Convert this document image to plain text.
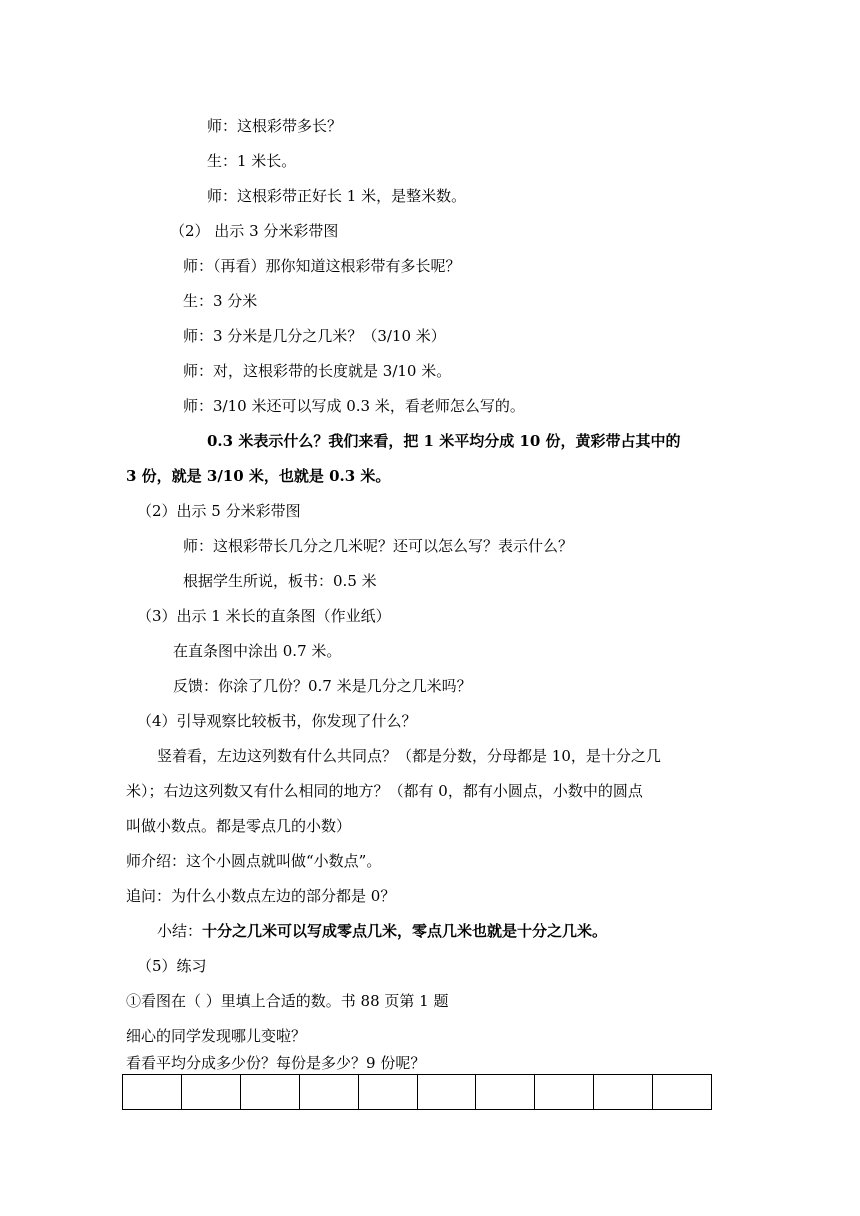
师：这根彩带多长？
生：1 米长。
师：这根彩带正好长 1 米，是整米数。
（2） 出示 3 分米彩带图
师：（再看）那你知道这根彩带有多长呢？
生：3 分米
师：3 分米是几分之几米？（3/10 米）
师：对，这根彩带的长度就是 3/10 米。
师：3/10 米还可以写成 0.3 米，看老师怎么写的。
0.3 米表示什么？我们来看，把 1 米平均分成 10 份，黄彩带占其中的
3 份，就是 3/10 米，也就是 0.3 米。
（2）出示 5 分米彩带图
师：这根彩带长几分之几米呢？还可以怎么写？表示什么？
根据学生所说，板书：0.5 米
（3）出示 1 米长的直条图（作业纸）
在直条图中涂出 0.7 米。
反馈：你涂了几份？0.7 米是几分之几米吗？
（4）引导观察比较板书，你发现了什么？
竖着看，左边这列数有什么共同点？（都是分数，分母都是 10，是十分之几
米）；右边这列数又有什么相同的地方？（都有 0，都有小圆点，小数中的圆点
叫做小数点。都是零点几的小数）
师介绍：这个小圆点就叫做“小数点”。
追问：为什么小数点左边的部分都是 0？
小结：十分之几米可以写成零点几米，零点几米也就是十分之几米。
（5）练习
①看图在（ ）里填上合适的数。书 88 页第 1 题
细心的同学发现哪儿变啦？
看看平均分成多少份？每份是多少？9 份呢？
